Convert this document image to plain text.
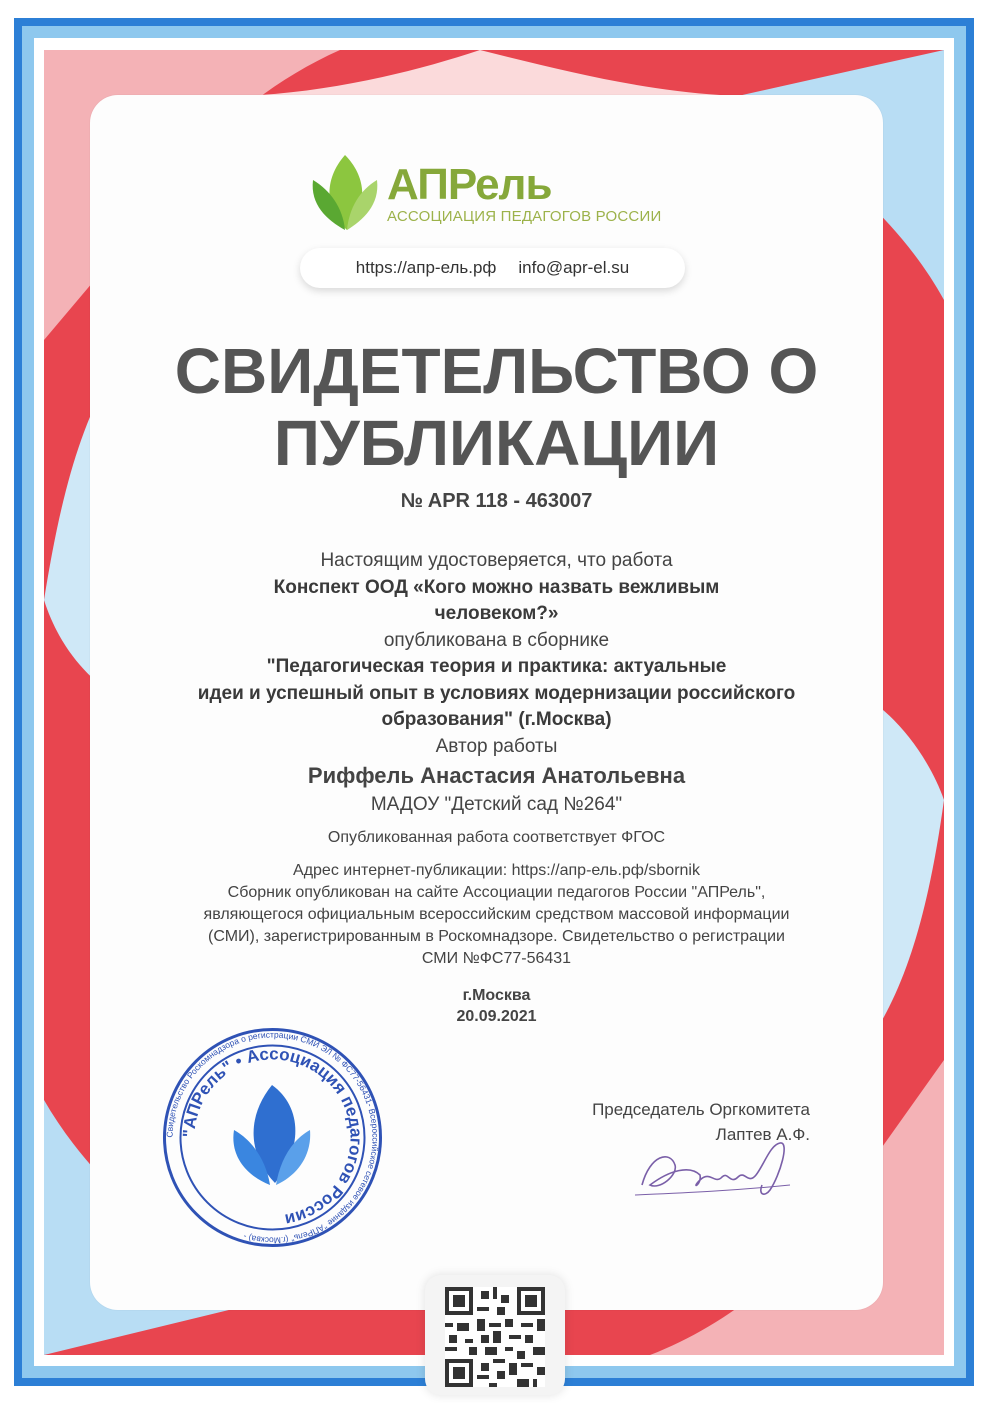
АПРель
АССОЦИАЦИЯ ПЕДАГОГОВ РОССИИ
https://апр-ель.рф info@apr-el.su
СВИДЕТЕЛЬСТВО О
ПУБЛИКАЦИИ
№ APR 118 - 463007
Настоящим удостоверяется, что работа
Конспект ООД «Кого можно назвать вежливым
человеком?»
опубликована в сборнике
"Педагогическая теория и практика: актуальные
идеи и успешный опыт в условиях модернизации российского
образования" (г.Москва)
Автор работы
Риффель Анастасия Анатольевна
МАДОУ "Детский сад №264"
Опубликованная работа соответствует ФГОС
Адрес интернет-публикации: https://апр-ель.рф/sbornik
Сборник опубликован на сайте Ассоциации педагогов России "АПРель",
являющегося официальным всероссийским средством массовой информации
(СМИ), зарегистрированным в Роскомнадзоре. Свидетельство о регистрации
СМИ №ФС77-56431
г.Москва
20.09.2021
Свидетельство Роскомнадзора о регистрации СМИ ЭЛ № ФС77-56431- Всероссийское сетевое издание "АПРель" (г.Москва) -
"АПРель" • Ассоциация педагогов России
Председатель Оргкомитета
Лаптев А.Ф.
